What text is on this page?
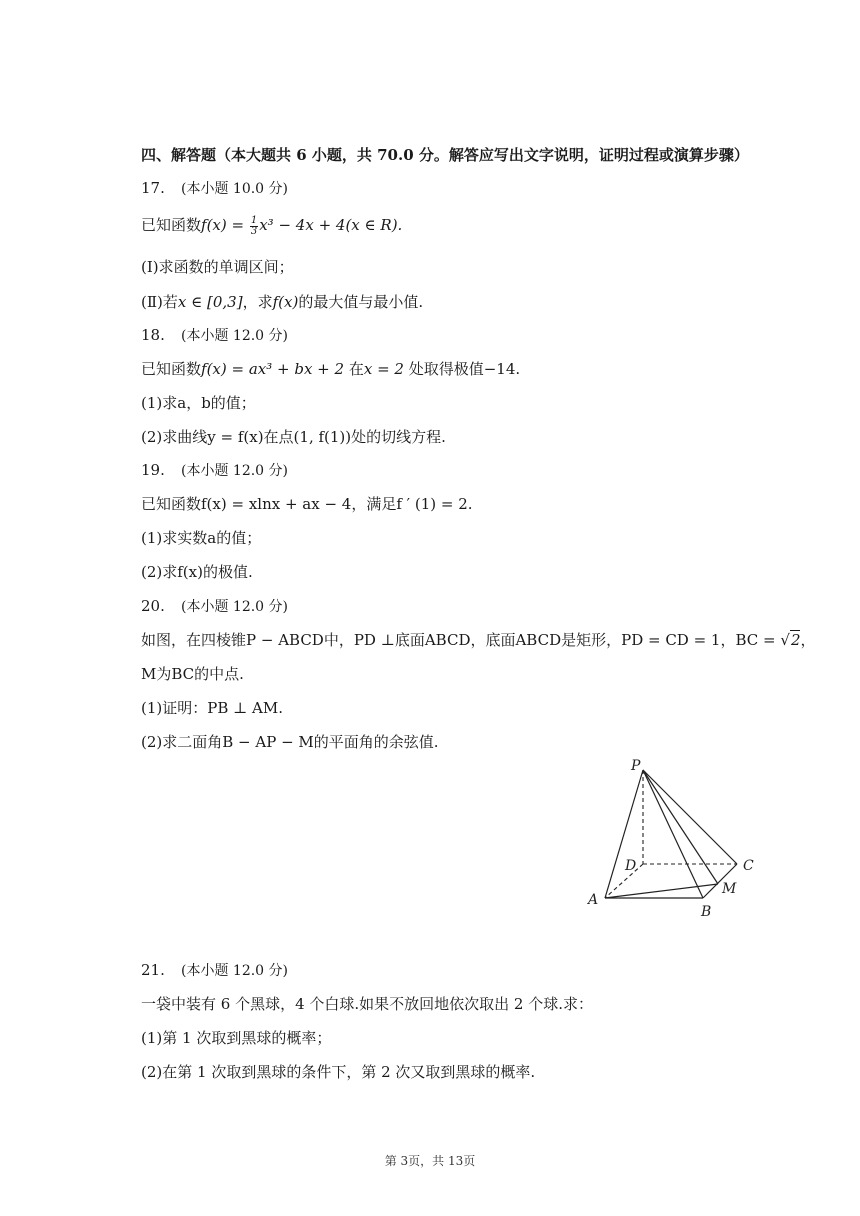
四、解答题（本大题共 6 小题，共 70.0 分。解答应写出文字说明，证明过程或演算步骤）
17. (本小题 10.0 分)
已知函数$f(x) = \frac{1}{3} x^3 - 4x + 4(x$ ∈ R).
(Ⅰ)求函数的单调区间；
(Ⅱ)若x ∈ [0,3]，求f(x)的最大值与最小值.
18. (本小题 12.0 分)
已知函数f(x) = ax³ + bx + 2 在x = 2 处取得极值−14.
(1)求a，b的值；
(2)求曲线y = f(x)在点(1, f(1))处的切线方程.
19. (本小题 12.0 分)
已知函数f(x) = xlnx + ax − 4，满足f ′ (1) = 2.
(1)求实数a的值；
(2)求f(x)的极值.
20. (本小题 12.0 分)
如图，在四棱锥P − ABCD中，PD ⊥底面ABCD，底面ABCD是矩形，PD = CD = 1，BC = √2，
M为BC的中点.
(1)证明：PB ⊥ AM.
(2)求二面角B − AP − M的平面角的余弦值.
P
D	C
A
B
M
21. (本小题 12.0 分)
一袋中装有 6 个黑球，4 个白球.如果不放回地依次取出 2 个球.求：
(1)第 1 次取到黑球的概率；
(2)在第 1 次取到黑球的条件下，第 2 次又取到黑球的概率.
第 3页，共 13页
